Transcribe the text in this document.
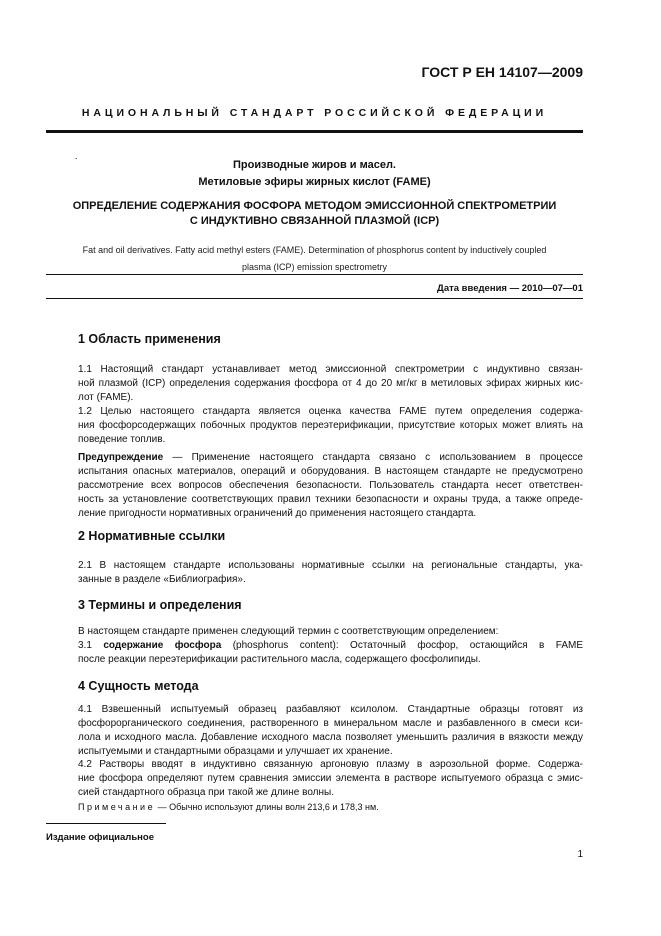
ГОСТ Р ЕН 14107—2009
НАЦИОНАЛЬНЫЙ СТАНДАРТ РОССИЙСКОЙ ФЕДЕРАЦИИ
.
Производные жиров и масел.
Метиловые эфиры жирных кислот (FAME)
ОПРЕДЕЛЕНИЕ СОДЕРЖАНИЯ ФОСФОРА МЕТОДОМ ЭМИССИОННОЙ СПЕКТРОМЕТРИИ
С ИНДУКТИВНО СВЯЗАННОЙ ПЛАЗМОЙ (ICP)
Fat and oil derivatives. Fatty acid methyl esters (FAME). Determination of phosphorus content by inductively coupled
plasma (ICP) emission spectrometry
Дата введения — 2010—07—01
1 Область применения
1.1 Настоящий стандарт устанавливает метод эмиссионной спектрометрии с индуктивно связан-
ной плазмой (ICP) определения содержания фосфора от 4 до 20 мг/кг в метиловых эфирах жирных кис-
лот (FAME).
1.2 Целью настоящего стандарта является оценка качества FAME путем определения содержа-
ния фосфорсодержащих побочных продуктов переэтерификации, присутствие которых может влиять на
поведение топлив.
Предупреждение — Применение настоящего стандарта связано с использованием в процессе
испытания опасных материалов, операций и оборудования. В настоящем стандарте не предусмотрено
рассмотрение всех вопросов обеспечения безопасности. Пользователь стандарта несет ответствен-
ность за установление соответствующих правил техники безопасности и охраны труда, а также опреде-
ление пригодности нормативных ограничений до применения настоящего стандарта.
2 Нормативные ссылки
2.1 В настоящем стандарте использованы нормативные ссылки на региональные стандарты, ука-
занные в разделе «Библиография».
3 Термины и определения
В настоящем стандарте применен следующий термин с соответствующим определением:
3.1 содержание фосфора (phosphorus content): Остаточный фосфор, остающийся в FAME
после реакции переэтерификации растительного масла, содержащего фосфолипиды.
4 Сущность метода
4.1 Взвешенный испытуемый образец разбавляют ксилолом. Стандартные образцы готовят из
фосфорорганического соединения, растворенного в минеральном масле и разбавленного в смеси кси-
лола и исходного масла. Добавление исходного масла позволяет уменьшить различия в вязкости между
испытуемыми и стандартными образцами и улучшает их хранение.
4.2 Растворы вводят в индуктивно связанную аргоновую плазму в аэрозольной форме. Содержа-
ние фосфора определяют путем сравнения эмиссии элемента в растворе испытуемого образца с эмис-
сией стандартного образца при такой же длине волны.
Примечание — Обычно используют длины волн 213,6 и 178,3 нм.
Издание официальное
1
